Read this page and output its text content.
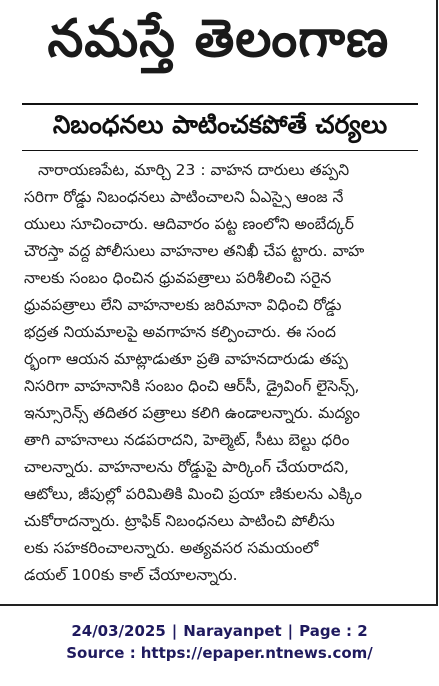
నమస్తే తెలంగాణ
నిబంధనలు పాటించకపోతే చర్యలు
నారాయణపేట, మార్చి 23 : వాహన దారులు తప్పని
సరిగా రోడ్డు నిబంధనలు పాటించాలని ఏఎస్సై ఆంజ నే
యులు సూచించారు. ఆదివారం పట్ట ణంలోని అంబేద్కర్
చౌరస్తా వద్ద పోలీసులు వాహనాల తనిఖీ చేప ట్టారు. వాహ
నాలకు సంబం ధించిన ధ్రువపత్రాలు పరిశీలించి సరైన
ధ్రువపత్రాలు లేని వాహనాలకు జరిమానా విధించి రోడ్డు
భద్రత నియమాలపై అవగాహన కల్పించారు. ఈ సంద
ర్భంగా ఆయన మాట్లాడుతూ ప్రతి వాహనదారుడు తప్ప
నిసరిగా వాహనానికి సంబం ధించి ఆర్‌సీ, డ్రైవింగ్ లైసెన్స్,
ఇన్సూరెన్స్ తదితర పత్రాలు కలిగి ఉండాలన్నారు. మద్యం
తాగి వాహనాలు నడపరాదని, హెల్మెట్, సీటు బెల్టు ధరిం
చాలన్నారు. వాహనాలను రోడ్డుపై పార్కింగ్ చేయరాదని,
ఆటోలు, జీపుల్లో పరిమితికి మించి ప్రయా ణికులను ఎక్కిం
చుకోరాదన్నారు. ట్రాఫిక్ నిబంధనలు పాటించి పోలీసు
లకు సహకరించాలన్నారు. అత్యవసర సమయంలో
డయల్ 100కు కాల్ చేయాలన్నారు.
24/03/2025 | Narayanpet | Page : 2
Source : https://epaper.ntnews.com/
